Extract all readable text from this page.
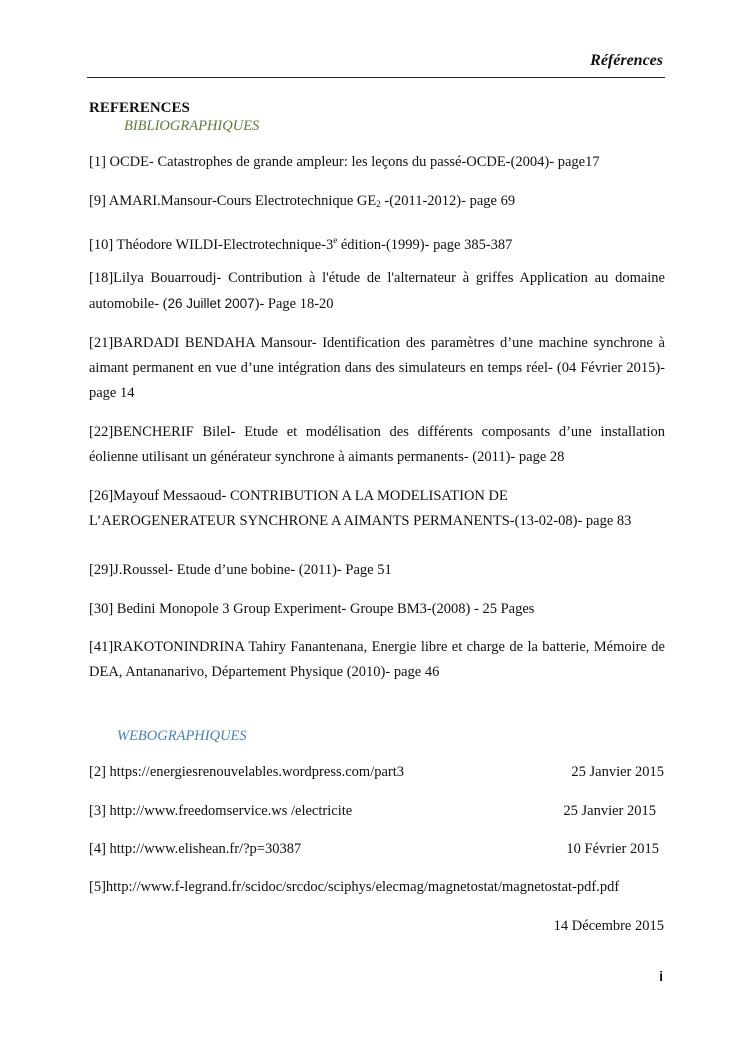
Références
REFERENCES
BIBLIOGRAPHIQUES

[1] OCDE- Catastrophes de grande ampleur: les leçons du passé-OCDE-(2004)- page17

[9] AMARI.Mansour-Cours Electrotechnique $GE_2$ -(2011-2012)- page 69

[10] Théodore WILDI-Electrotechnique-3e édition-(1999)- page 385-387

[18]Lilya Bouarroudj- Contribution à l'étude de l'alternateur à griffes Application au domaine automobile- (26 Juillet 2007)- Page 18-20

[21]BARDADI BENDAHA Mansour- Identification des paramètres d’une machine synchrone à aimant permanent en vue d’une intégration dans des simulateurs en temps réel- (04 Février 2015)- page 14

[22]BENCHERIF Bilel- Etude et modélisation des différents composants d’une installation éolienne utilisant un générateur synchrone à aimants permanents- (2011)- page 28

[26]Mayouf Messaoud- CONTRIBUTION A LA MODELISATION DE
L’AEROGENERATEUR SYNCHRONE A AIMANTS PERMANENTS-(13-02-08)- page 83

[29]J.Roussel- Etude d’une bobine- (2011)- Page 51

[30] Bedini Monopole 3 Group Experiment- Groupe BM3-(2008) - 25 Pages

[41]RAKOTONINDRINA Tahiry Fanantenana, Energie libre et charge de la batterie, Mémoire de DEA, Antananarivo, Département Physique (2010)- page 46

WEBOGRAPHIQUES
[2] https://energiesrenouvelables.wordpress.com/part3	25 Janvier 2015
[3] http://www.freedomservice.ws /electricite	25 Janvier 2015
[4] http://www.elishean.fr/?p=30387	10 Février 2015
[5]http://www.f-legrand.fr/scidoc/srcdoc/sciphys/elecmag/magnetostat/magnetostat-pdf.pdf
14 Décembre 2015
i
